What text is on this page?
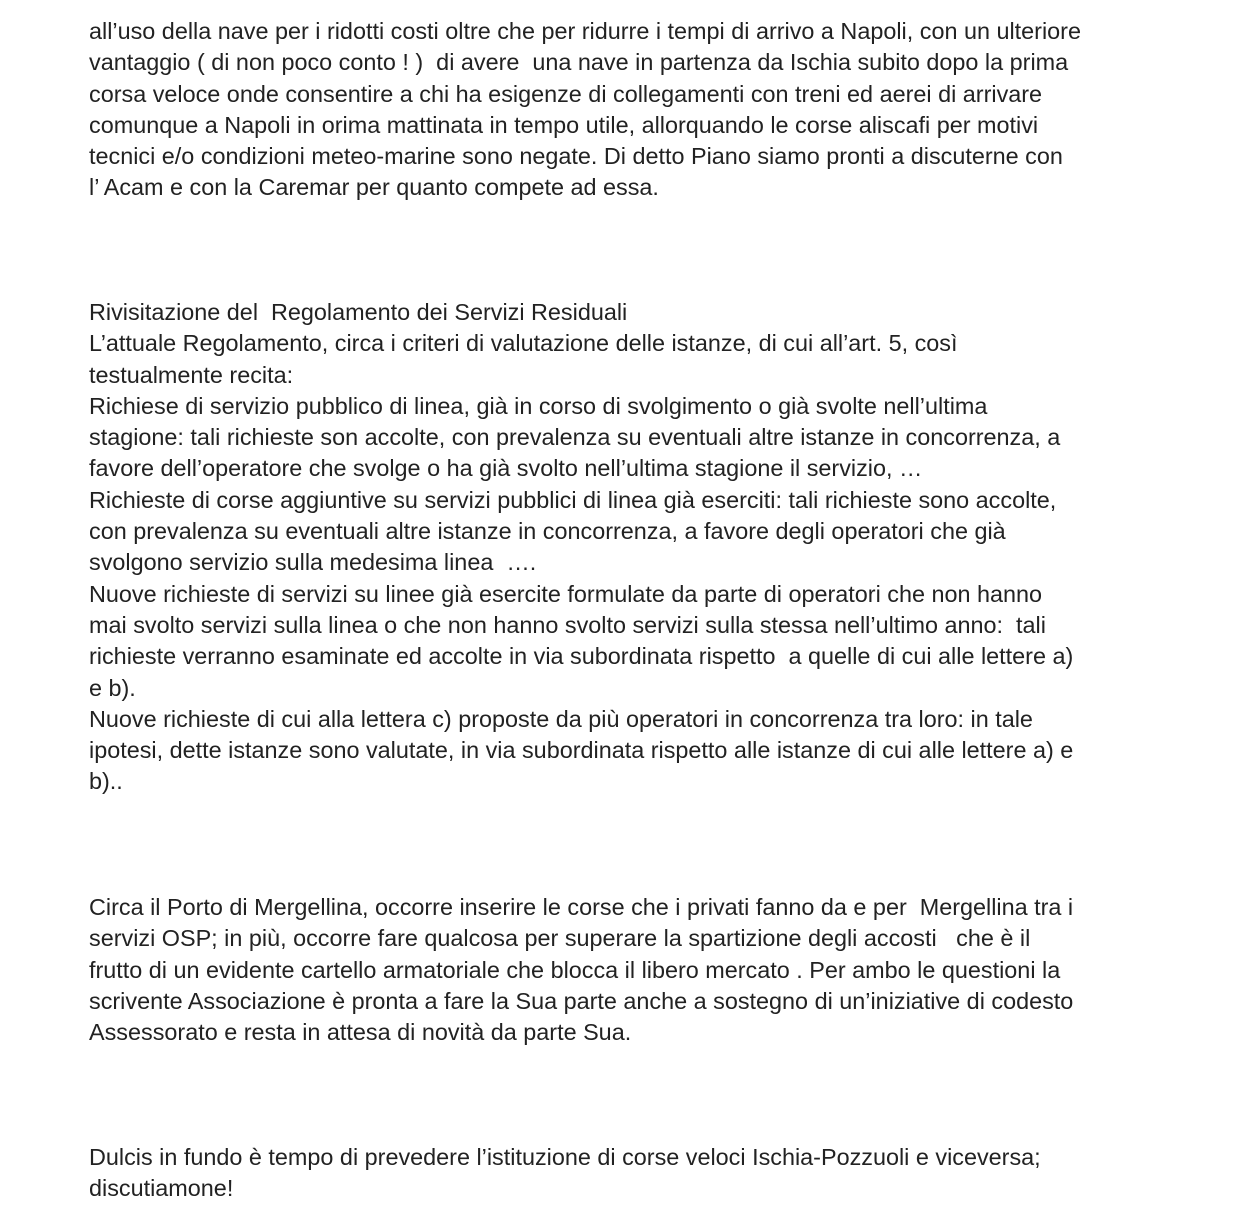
all’uso della nave per i ridotti costi oltre che per ridurre i tempi di arrivo a Napoli, con un ulteriore
vantaggio ( di non poco conto ! )  di avere  una nave in partenza da Ischia subito dopo la prima
corsa veloce onde consentire a chi ha esigenze di collegamenti con treni ed aerei di arrivare
comunque a Napoli in orima mattinata in tempo utile, allorquando le corse aliscafi per motivi
tecnici e/o condizioni meteo-marine sono negate. Di detto Piano siamo pronti a discuterne con
l’ Acam e con la Caremar per quanto compete ad essa.
Rivisitazione del  Regolamento dei Servizi Residuali
L’attuale Regolamento, circa i criteri di valutazione delle istanze, di cui all’art. 5, così
testualmente recita:
Richiese di servizio pubblico di linea, già in corso di svolgimento o già svolte nell’ultima
stagione: tali richieste son accolte, con prevalenza su eventuali altre istanze in concorrenza, a
favore dell’operatore che svolge o ha già svolto nell’ultima stagione il servizio, …
Richieste di corse aggiuntive su servizi pubblici di linea già eserciti: tali richieste sono accolte,
con prevalenza su eventuali altre istanze in concorrenza, a favore degli operatori che già
svolgono servizio sulla medesima linea  ….
Nuove richieste di servizi su linee già esercite formulate da parte di operatori che non hanno
mai svolto servizi sulla linea o che non hanno svolto servizi sulla stessa nell’ultimo anno:  tali
richieste verranno esaminate ed accolte in via subordinata rispetto  a quelle di cui alle lettere a)
e b).
Nuove richieste di cui alla lettera c) proposte da più operatori in concorrenza tra loro: in tale
ipotesi, dette istanze sono valutate, in via subordinata rispetto alle istanze di cui alle lettere a) e
b)..
Circa il Porto di Mergellina, occorre inserire le corse che i privati fanno da e per  Mergellina tra i
servizi OSP; in più, occorre fare qualcosa per superare la spartizione degli accosti   che è il
frutto di un evidente cartello armatoriale che blocca il libero mercato . Per ambo le questioni la
scrivente Associazione è pronta a fare la Sua parte anche a sostegno di un’iniziative di codesto
Assessorato e resta in attesa di novità da parte Sua.
Dulcis in fundo è tempo di prevedere l’istituzione di corse veloci Ischia-Pozzuoli e viceversa;
discutiamone!
